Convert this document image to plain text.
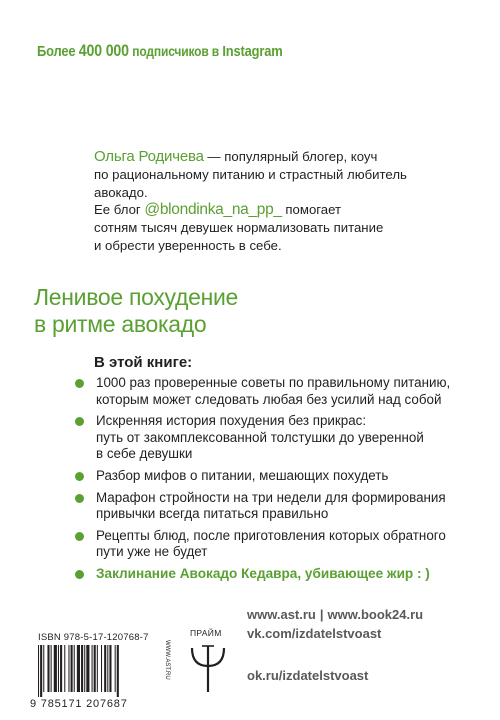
Более 400 000 подписчиков в Instagram
Ольга Родичева — популярный блогер, коуч
по рациональному питанию и страстный любитель
авокадо.
Ее блог @blondinka_na_pp_ помогает
сотням тысяч девушек нормализовать питание
и обрести уверенность в себе.
Ленивое похудение
в ритме авокадо
В этой книге:
1000 раз проверенные советы по правильному питанию,
которым может следовать любая без усилий над собой
Искренняя история похудения без прикрас:
путь от закомплексованной толстушки до уверенной
в себе девушки
Разбор мифов о питании, мешающих похудеть
Марафон стройности на три недели для формирования
привычки всегда питаться правильно
Рецепты блюд, после приготовления которых обратного
пути уже не будет
Заклинание Авокадо Кедавра, убивающее жир : )
www.ast.ru | www.book24.ru
vk.com/izdatelstvoast
ok.ru/izdatelstvoast
ISBN 978-5-17-120768-7
9 785171 207687
WWW.AST.RU
ПРАЙМ
